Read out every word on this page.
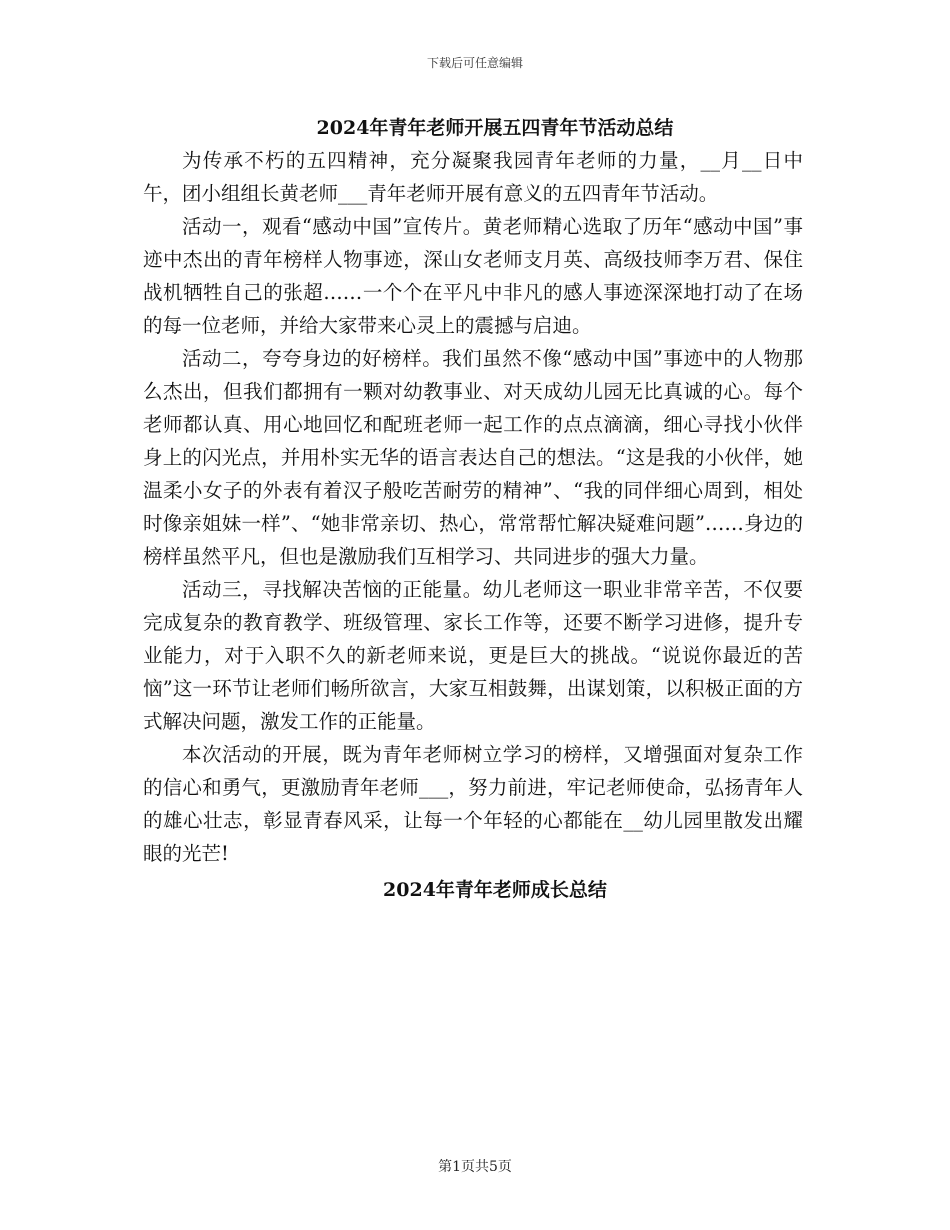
下载后可任意编辑
2024年青年老师开展五四青年节活动总结

为传承不朽的五四精神，充分凝聚我园青年老师的力量，__月__日中午，团小组组长黄老师___青年老师开展有意义的五四青年节活动。

活动一，观看“感动中国”宣传片。黄老师精心选取了历年“感动中国”事迹中杰出的青年榜样人物事迹，深山女老师支月英、高级技师李万君、保住战机牺牲自己的张超……一个个在平凡中非凡的感人事迹深深地打动了在场的每一位老师，并给大家带来心灵上的震撼与启迪。

活动二，夸夸身边的好榜样。我们虽然不像“感动中国”事迹中的人物那么杰出，但我们都拥有一颗对幼教事业、对天成幼儿园无比真诚的心。每个老师都认真、用心地回忆和配班老师一起工作的点点滴滴，细心寻找小伙伴身上的闪光点，并用朴实无华的语言表达自己的想法。“这是我的小伙伴，她温柔小女子的外表有着汉子般吃苦耐劳的精神”、“我的同伴细心周到，相处时像亲姐妹一样”、“她非常亲切、热心，常常帮忙解决疑难问题”……身边的榜样虽然平凡，但也是激励我们互相学习、共同进步的强大力量。

活动三，寻找解决苦恼的正能量。幼儿老师这一职业非常辛苦，不仅要完成复杂的教育教学、班级管理、家长工作等，还要不断学习进修，提升专业能力，对于入职不久的新老师来说，更是巨大的挑战。“说说你最近的苦恼”这一环节让老师们畅所欲言，大家互相鼓舞，出谋划策，以积极正面的方式解决问题，激发工作的正能量。

本次活动的开展，既为青年老师树立学习的榜样，又增强面对复杂工作的信心和勇气，更激励青年老师___，努力前进，牢记老师使命，弘扬青年人的雄心壮志，彰显青春风采，让每一个年轻的心都能在__幼儿园里散发出耀眼的光芒!

2024年青年老师成长总结
第1页共5页
